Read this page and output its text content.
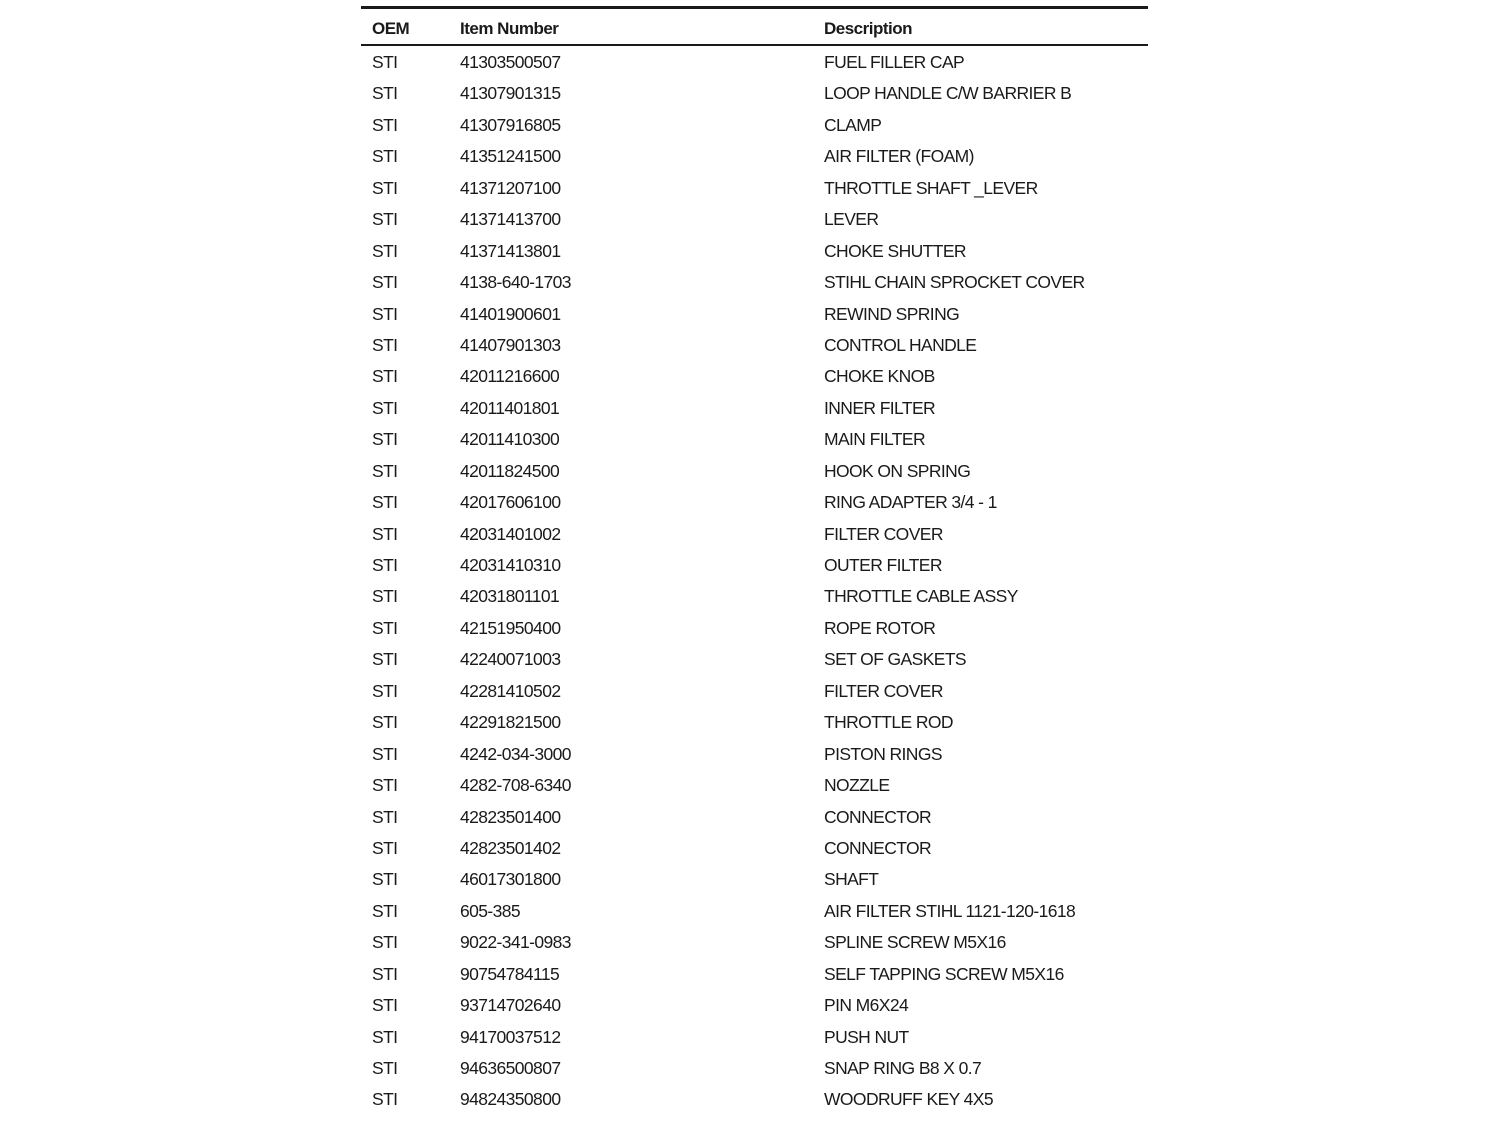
OEM	Item Number	Description
STI	41303500507	FUEL FILLER CAP
STI	41307901315	LOOP HANDLE C/W BARRIER B
STI	41307916805	CLAMP
STI	41351241500	AIR FILTER (FOAM)
STI	41371207100	THROTTLE SHAFT _LEVER
STI	41371413700	LEVER
STI	41371413801	CHOKE SHUTTER
STI	4138-640-1703	STIHL CHAIN SPROCKET COVER
STI	41401900601	REWIND SPRING
STI	41407901303	CONTROL HANDLE
STI	42011216600	CHOKE KNOB
STI	42011401801	INNER FILTER
STI	42011410300	MAIN FILTER
STI	42011824500	HOOK ON SPRING
STI	42017606100	RING ADAPTER 3/4 - 1
STI	42031401002	FILTER COVER
STI	42031410310	OUTER FILTER
STI	42031801101	THROTTLE CABLE ASSY
STI	42151950400	ROPE ROTOR
STI	42240071003	SET OF GASKETS
STI	42281410502	FILTER COVER
STI	42291821500	THROTTLE ROD
STI	4242-034-3000	PISTON RINGS
STI	4282-708-6340	NOZZLE
STI	42823501400	CONNECTOR
STI	42823501402	CONNECTOR
STI	46017301800	SHAFT
STI	605-385	AIR FILTER STIHL 1121-120-1618
STI	9022-341-0983	SPLINE SCREW M5X16
STI	90754784115	SELF TAPPING SCREW M5X16
STI	93714702640	PIN M6X24
STI	94170037512	PUSH NUT
STI	94636500807	SNAP RING B8 X 0.7
STI	94824350800	WOODRUFF KEY 4X5
